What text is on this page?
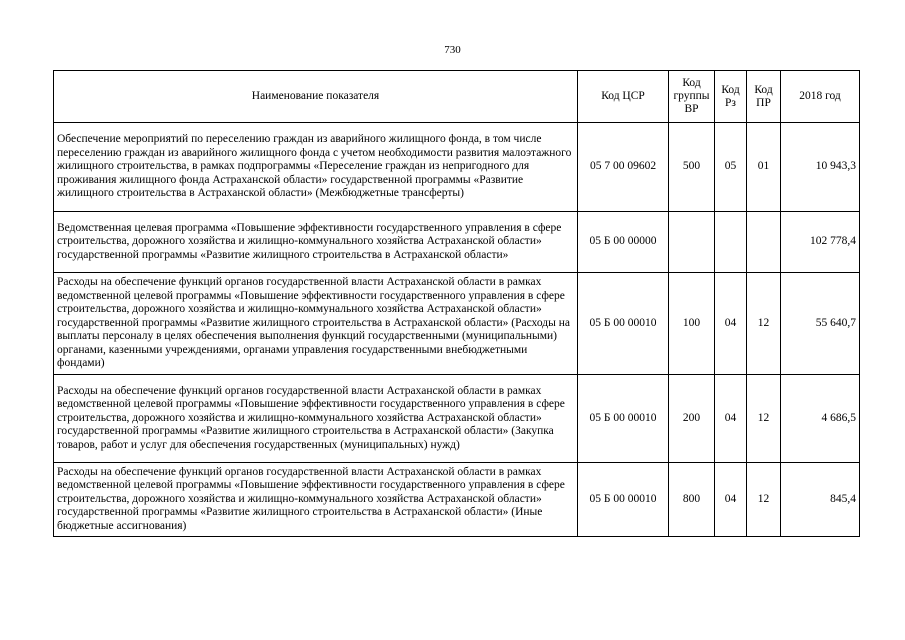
730
Наименование показателя	Код ЦСР	Код группы ВР	Код Рз	Код ПР	2018 год
Обеспечение мероприятий по переселению граждан из аварийного жилищного фонда, в том числе переселению граждан из аварийного жилищного фонда с учетом необходимости развития малоэтажного жилищного строительства, в рамках подпрограммы «Переселение граждан из непригодного для проживания жилищного фонда Астраханской области» государственной программы «Развитие жилищного строительства в Астраханской области» (Межбюджетные трансферты)	05 7 00 09602	500	05	01	10 943,3
Ведомственная целевая программа «Повышение эффективности государственного управления в сфере строительства, дорожного хозяйства и жилищно-коммунального хозяйства Астраханской области» государственной программы «Развитие жилищного строительства в Астраханской области»	05 Б 00 00000				102 778,4
Расходы на обеспечение функций органов государственной власти Астраханской области в рамках ведомственной целевой программы «Повышение эффективности государственного управления в сфере строительства, дорожного хозяйства и жилищно-коммунального хозяйства Астраханской области» государственной программы «Развитие жилищного строительства в Астраханской области» (Расходы на выплаты персоналу в целях обеспечения выполнения функций государственными (муниципальными) органами, казенными учреждениями, органами управления государственными внебюджетными фондами)	05 Б 00 00010	100	04	12	55 640,7
Расходы на обеспечение функций органов государственной власти Астраханской области в рамках ведомственной целевой программы «Повышение эффективности государственного управления в сфере строительства, дорожного хозяйства и жилищно-коммунального хозяйства Астраханской области» государственной программы «Развитие жилищного строительства в Астраханской области» (Закупка товаров, работ и услуг для обеспечения государственных (муниципальных) нужд)	05 Б 00 00010	200	04	12	4 686,5
Расходы на обеспечение функций органов государственной власти Астраханской области в рамках ведомственной целевой программы «Повышение эффективности государственного управления в сфере строительства, дорожного хозяйства и жилищно-коммунального хозяйства Астраханской области» государственной программы «Развитие жилищного строительства в Астраханской области» (Иные бюджетные ассигнования)	05 Б 00 00010	800	04	12	845,4
